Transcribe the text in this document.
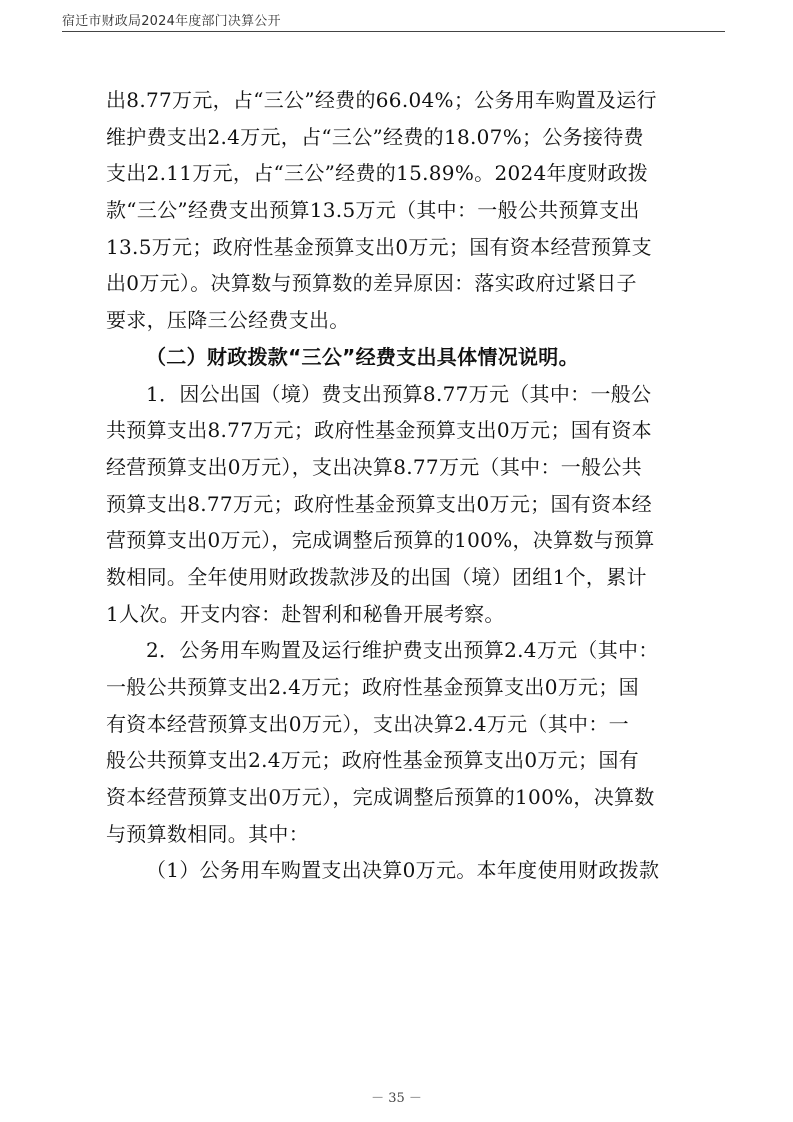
宿迁市财政局2024年度部门决算公开
出8.77万元，占“三公”经费的66.04%；公务用车购置及运行
维护费支出2.4万元，占“三公”经费的18.07%；公务接待费
支出2.11万元，占“三公”经费的15.89%。2024年度财政拨
款“三公”经费支出预算13.5万元（其中：一般公共预算支出
13.5万元；政府性基金预算支出0万元；国有资本经营预算支
出0万元）。决算数与预算数的差异原因：落实政府过紧日子
要求，压降三公经费支出。
（二）财政拨款“三公”经费支出具体情况说明。
1．因公出国（境）费支出预算8.77万元（其中：一般公
共预算支出8.77万元；政府性基金预算支出0万元；国有资本
经营预算支出0万元），支出决算8.77万元（其中：一般公共
预算支出8.77万元；政府性基金预算支出0万元；国有资本经
营预算支出0万元），完成调整后预算的100%，决算数与预算
数相同。全年使用财政拨款涉及的出国（境）团组1个，累计
1人次。开支内容：赴智利和秘鲁开展考察。
2．公务用车购置及运行维护费支出预算2.4万元（其中：
一般公共预算支出2.4万元；政府性基金预算支出0万元；国
有资本经营预算支出0万元），支出决算2.4万元（其中：一
般公共预算支出2.4万元；政府性基金预算支出0万元；国有
资本经营预算支出0万元），完成调整后预算的100%，决算数
与预算数相同。其中：
（1）公务用车购置支出决算0万元。本年度使用财政拨款
－ 35 －
